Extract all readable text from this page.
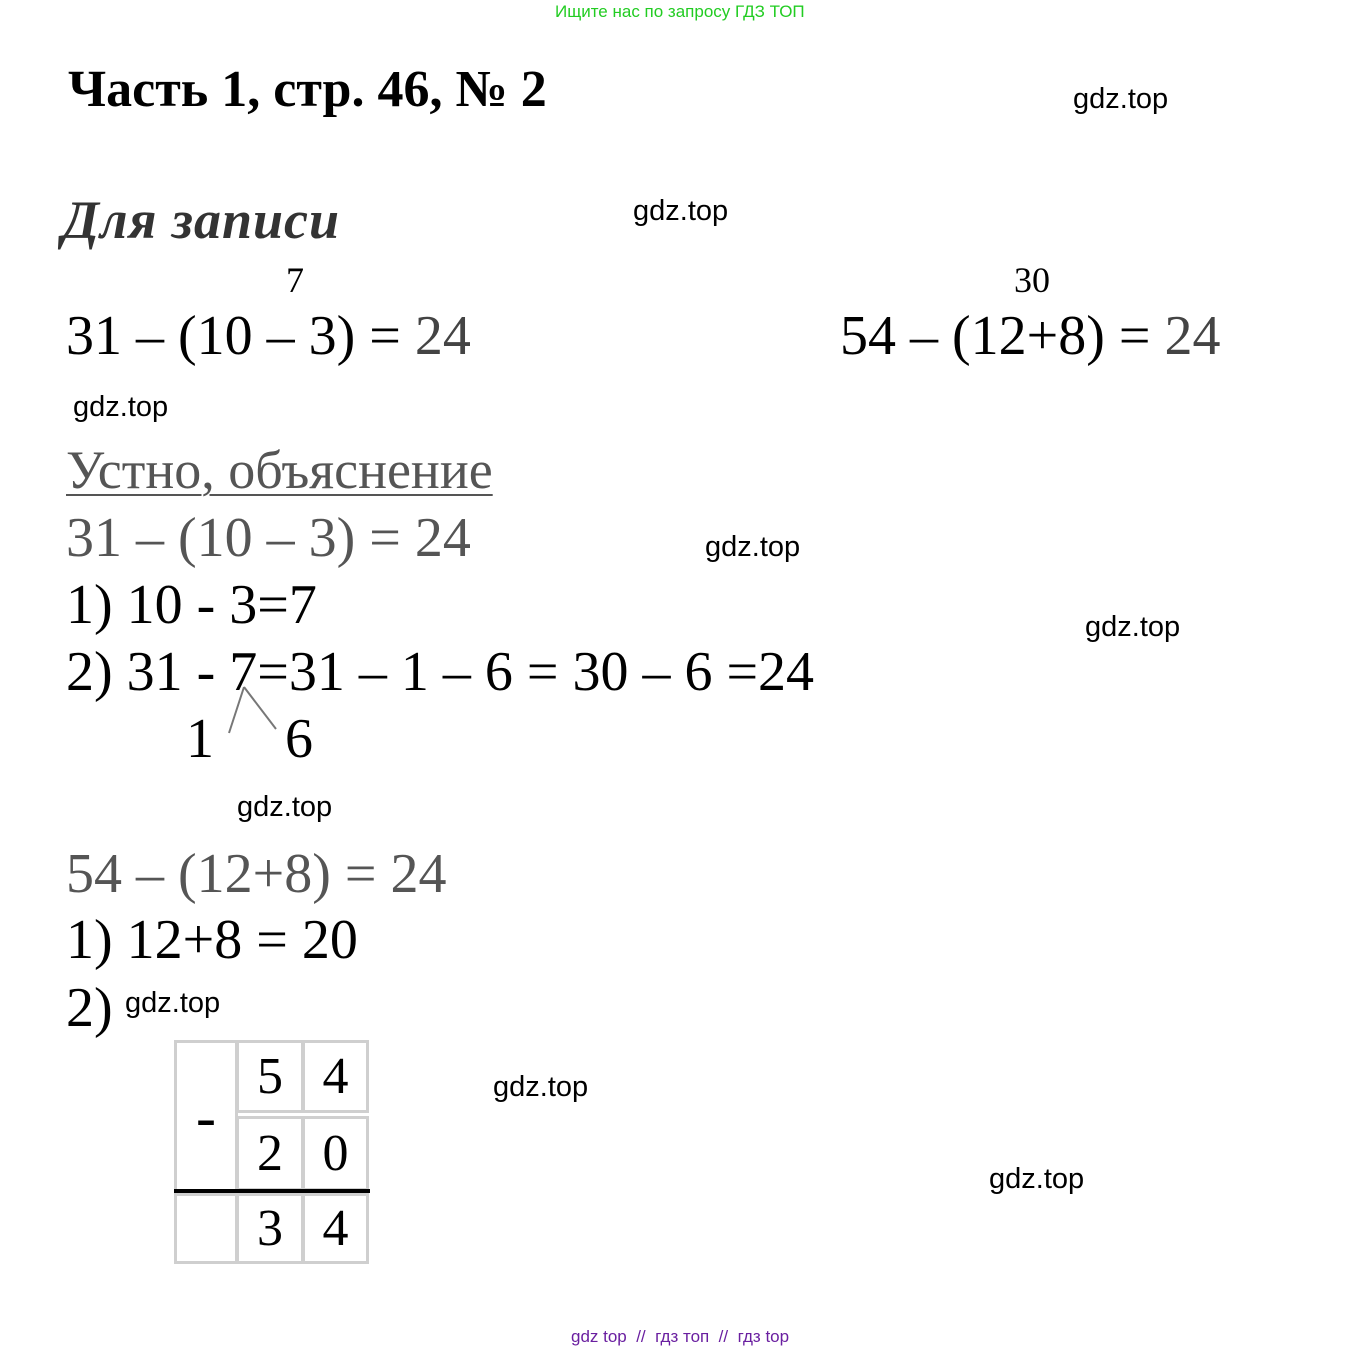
Ищите нас по запросу ГДЗ ТОП
Часть 1, стр. 46, № 2	gdz.top
Для записи	gdz.top
7
31 – (10 – 3) = 24
30
54 – (12+8) = 24
gdz.top
Устно, объяснение
31 – (10 – 3) = 24	gdz.top
1) 10 - 3=7	gdz.top
2) 31 - 7=31 – 1 – 6 = 30 – 6 =24
1 6
gdz.top
54 – (12+8) = 24
1) 12+8 = 20
2) gdz.top
-
5 4
2 0
3 4
gdz.top
gdz.top
gdz top  //  гдз топ  //  гдз top
